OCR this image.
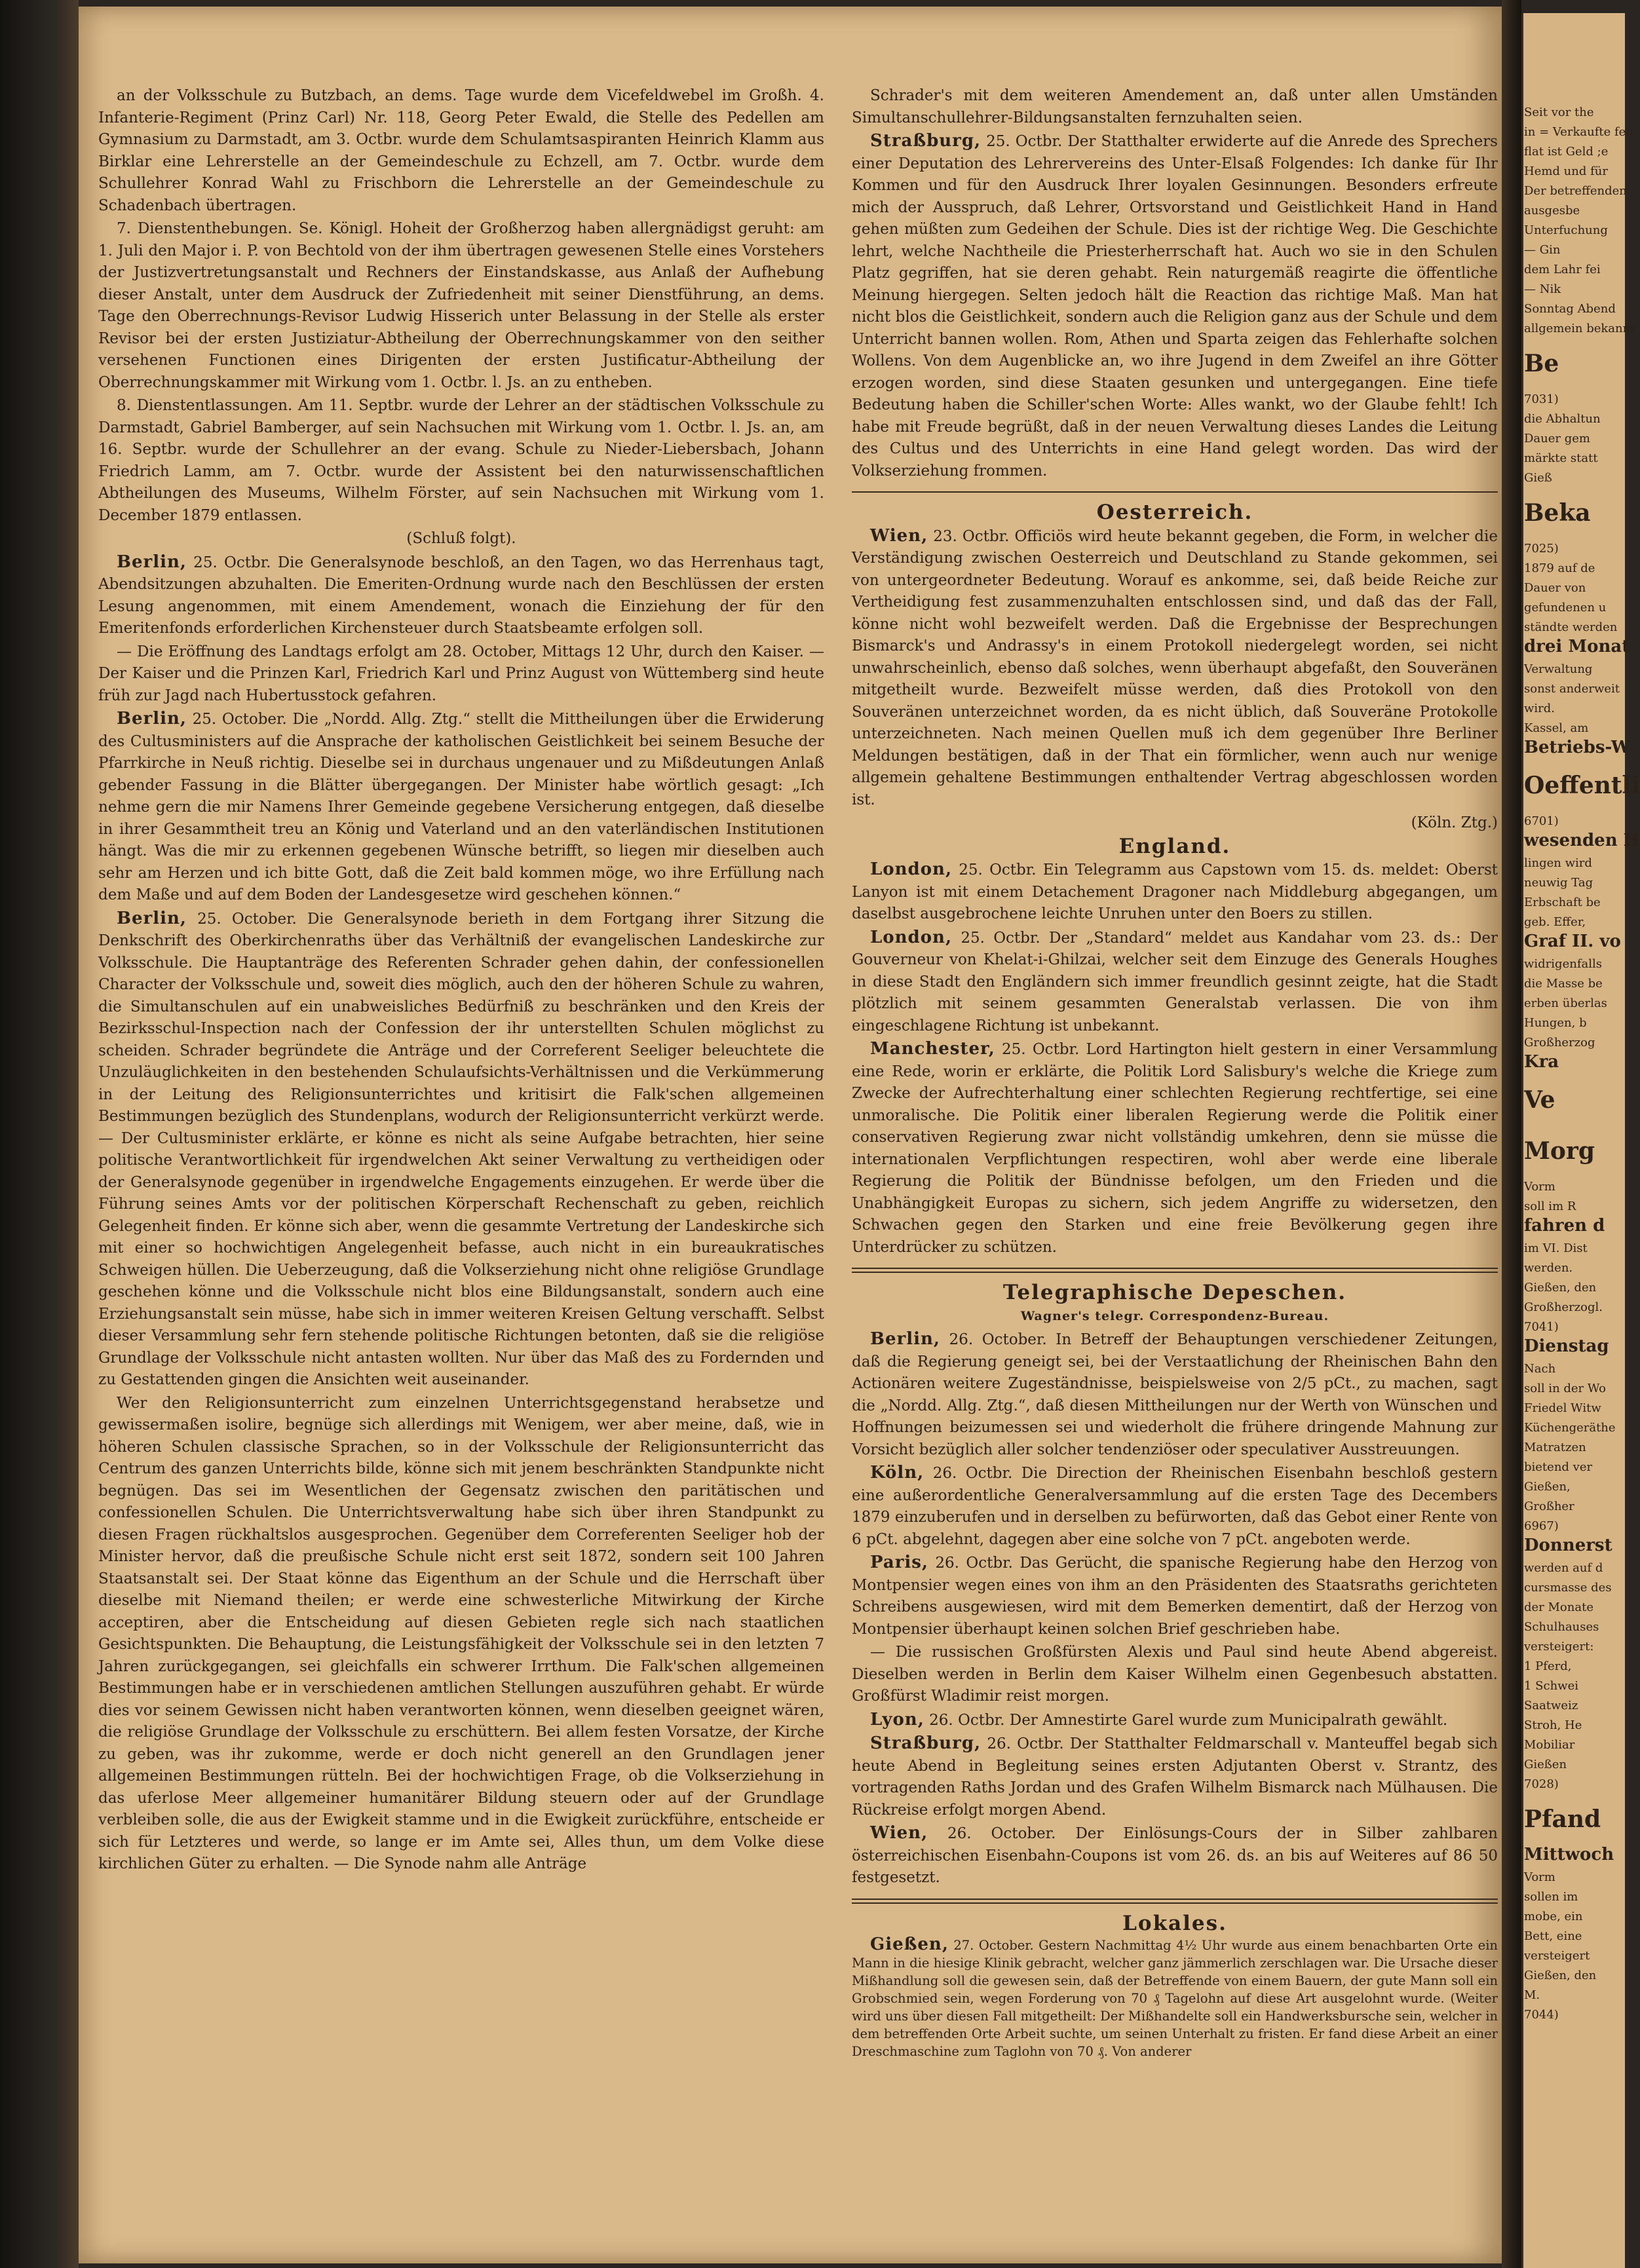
an der Volksschule zu Butzbach, an dems. Tage wurde dem Vicefeldwebel im Großh. 4. Infanterie-Regiment (Prinz Carl) Nr. 118, Georg Peter Ewald, die Stelle des Pedellen am Gymnasium zu Darmstadt, am 3. Octbr. wurde dem Schulamtsaspiranten Heinrich Klamm aus Birklar eine Lehrerstelle an der Gemeindeschule zu Echzell, am 7. Octbr. wurde dem Schullehrer Konrad Wahl zu Frischborn die Lehrerstelle an der Gemeindeschule zu Schadenbach übertragen.

7. Dienstenthebungen. Se. Königl. Hoheit der Großherzog haben allergnädigst geruht: am 1. Juli den Major i. P. von Bechtold von der ihm übertragen gewesenen Stelle eines Vorstehers der Justizvertretungsanstalt und Rechners der Einstandskasse, aus Anlaß der Aufhebung dieser Anstalt, unter dem Ausdruck der Zufriedenheit mit seiner Dienstführung, an dems. Tage den Oberrechnungs-Revisor Ludwig Hisserich unter Belassung in der Stelle als erster Revisor bei der ersten Justiziatur-Abtheilung der Oberrechnungskammer von den seither versehenen Functionen eines Dirigenten der ersten Justificatur-Abtheilung der Oberrechnungskammer mit Wirkung vom 1. Octbr. l. Js. an zu entheben.

8. Dienstentlassungen. Am 11. Septbr. wurde der Lehrer an der städtischen Volksschule zu Darmstadt, Gabriel Bamberger, auf sein Nachsuchen mit Wirkung vom 1. Octbr. l. Js. an, am 16. Septbr. wurde der Schullehrer an der evang. Schule zu Nieder-Liebersbach, Johann Friedrich Lamm, am 7. Octbr. wurde der Assistent bei den naturwissenschaftlichen Abtheilungen des Museums, Wilhelm Förster, auf sein Nachsuchen mit Wirkung vom 1. December 1879 entlassen.

(Schluß folgt).

Berlin, 25. Octbr. Die Generalsynode beschloß, an den Tagen, wo das Herrenhaus tagt, Abendsitzungen abzuhalten. Die Emeriten-Ordnung wurde nach den Beschlüssen der ersten Lesung angenommen, mit einem Amendement, wonach die Einziehung der für den Emeritenfonds erforderlichen Kirchensteuer durch Staatsbeamte erfolgen soll.

— Die Eröffnung des Landtags erfolgt am 28. October, Mittags 12 Uhr, durch den Kaiser. — Der Kaiser und die Prinzen Karl, Friedrich Karl und Prinz August von Wüttemberg sind heute früh zur Jagd nach Hubertusstock gefahren.

Berlin, 25. October. Die „Nordd. Allg. Ztg.“ stellt die Mittheilungen über die Erwiderung des Cultusministers auf die Ansprache der katholischen Geistlichkeit bei seinem Besuche der Pfarrkirche in Neuß richtig. Dieselbe sei in durchaus ungenauer und zu Mißdeutungen Anlaß gebender Fassung in die Blätter übergegangen. Der Minister habe wörtlich gesagt: „Ich nehme gern die mir Namens Ihrer Gemeinde gegebene Versicherung entgegen, daß dieselbe in ihrer Gesammtheit treu an König und Vaterland und an den vaterländischen Institutionen hängt. Was die mir zu erkennen gegebenen Wünsche betrifft, so liegen mir dieselben auch sehr am Herzen und ich bitte Gott, daß die Zeit bald kommen möge, wo ihre Erfüllung nach dem Maße und auf dem Boden der Landesgesetze wird geschehen können.“

Berlin, 25. October. Die Generalsynode berieth in dem Fortgang ihrer Sitzung die Denkschrift des Oberkirchenraths über das Verhältniß der evangelischen Landeskirche zur Volksschule. Die Hauptanträge des Referenten Schrader gehen dahin, der confessionellen Character der Volksschule und, soweit dies möglich, auch den der höheren Schule zu wahren, die Simultanschulen auf ein unabweisliches Bedürfniß zu beschränken und den Kreis der Bezirksschul-Inspection nach der Confession der ihr unterstellten Schulen möglichst zu scheiden. Schrader begründete die Anträge und der Correferent Seeliger beleuchtete die Unzuläuglichkeiten in den bestehenden Schulaufsichts-Verhältnissen und die Verkümmerung in der Leitung des Religionsunterrichtes und kritisirt die Falk'schen allgemeinen Bestimmungen bezüglich des Stundenplans, wodurch der Religionsunterricht verkürzt werde. — Der Cultusminister erklärte, er könne es nicht als seine Aufgabe betrachten, hier seine politische Verantwortlichkeit für irgendwelchen Akt seiner Verwaltung zu vertheidigen oder der Generalsynode gegenüber in irgendwelche Engagements einzugehen. Er werde über die Führung seines Amts vor der politischen Körperschaft Rechenschaft zu geben, reichlich Gelegenheit finden. Er könne sich aber, wenn die gesammte Vertretung der Landeskirche sich mit einer so hochwichtigen Angelegenheit befasse, auch nicht in ein bureaukratisches Schweigen hüllen. Die Ueberzeugung, daß die Volkserziehung nicht ohne religiöse Grundlage geschehen könne und die Volksschule nicht blos eine Bildungsanstalt, sondern auch eine Erziehungsanstalt sein müsse, habe sich in immer weiteren Kreisen Geltung verschafft. Selbst dieser Versammlung sehr fern stehende politische Richtungen betonten, daß sie die religiöse Grundlage der Volksschule nicht antasten wollten. Nur über das Maß des zu Fordernden und zu Gestattenden gingen die Ansichten weit auseinander.

Wer den Religionsunterricht zum einzelnen Unterrichtsgegenstand herabsetze und gewissermaßen isolire, begnüge sich allerdings mit Wenigem, wer aber meine, daß, wie in höheren Schulen classische Sprachen, so in der Volksschule der Religionsunterricht das Centrum des ganzen Unterrichts bilde, könne sich mit jenem beschränkten Standpunkte nicht begnügen. Das sei im Wesentlichen der Gegensatz zwischen den paritätischen und confessionellen Schulen. Die Unterrichtsverwaltung habe sich über ihren Standpunkt zu diesen Fragen rückhaltslos ausgesprochen. Gegenüber dem Correferenten Seeliger hob der Minister hervor, daß die preußische Schule nicht erst seit 1872, sondern seit 100 Jahren Staatsanstalt sei. Der Staat könne das Eigenthum an der Schule und die Herrschaft über dieselbe mit Niemand theilen; er werde eine schwesterliche Mitwirkung der Kirche acceptiren, aber die Entscheidung auf diesen Gebieten regle sich nach staatlichen Gesichtspunkten. Die Behauptung, die Leistungsfähigkeit der Volksschule sei in den letzten 7 Jahren zurückgegangen, sei gleichfalls ein schwerer Irrthum. Die Falk'schen allgemeinen Bestimmungen habe er in verschiedenen amtlichen Stellungen auszuführen gehabt. Er würde dies vor seinem Gewissen nicht haben verantworten können, wenn dieselben geeignet wären, die religiöse Grundlage der Volksschule zu erschüttern. Bei allem festen Vorsatze, der Kirche zu geben, was ihr zukomme, werde er doch nicht generell an den Grundlagen jener allgemeinen Bestimmungen rütteln. Bei der hochwichtigen Frage, ob die Volkserziehung in das uferlose Meer allgemeiner humanitärer Bildung steuern oder auf der Grundlage verbleiben solle, die aus der Ewigkeit stamme und in die Ewigkeit zurückführe, entscheide er sich für Letzteres und werde, so lange er im Amte sei, Alles thun, um dem Volke diese kirchlichen Güter zu erhalten. — Die Synode nahm alle Anträge

Schrader's mit dem weiteren Amendement an, daß unter allen Umständen Simultanschullehrer-Bildungsanstalten fernzuhalten seien.

Straßburg, 25. Octbr. Der Statthalter erwiderte auf die Anrede des Sprechers einer Deputation des Lehrervereins des Unter-Elsaß Folgendes: Ich danke für Ihr Kommen und für den Ausdruck Ihrer loyalen Gesinnungen. Besonders erfreute mich der Ausspruch, daß Lehrer, Ortsvorstand und Geistlichkeit Hand in Hand gehen müßten zum Gedeihen der Schule. Dies ist der richtige Weg. Die Geschichte lehrt, welche Nachtheile die Priesterherrschaft hat. Auch wo sie in den Schulen Platz gegriffen, hat sie deren gehabt. Rein naturgemäß reagirte die öffentliche Meinung hiergegen. Selten jedoch hält die Reaction das richtige Maß. Man hat nicht blos die Geistlichkeit, sondern auch die Religion ganz aus der Schule und dem Unterricht bannen wollen. Rom, Athen und Sparta zeigen das Fehlerhafte solchen Wollens. Von dem Augenblicke an, wo ihre Jugend in dem Zweifel an ihre Götter erzogen worden, sind diese Staaten gesunken und untergegangen. Eine tiefe Bedeutung haben die Schiller'schen Worte: Alles wankt, wo der Glaube fehlt! Ich habe mit Freude begrüßt, daß in der neuen Verwaltung dieses Landes die Leitung des Cultus und des Unterrichts in eine Hand gelegt worden. Das wird der Volkserziehung frommen.

Oesterreich.

Wien, 23. Octbr. Officiös wird heute bekannt gegeben, die Form, in welcher die Verständigung zwischen Oesterreich und Deutschland zu Stande gekommen, sei von untergeordneter Bedeutung. Worauf es ankomme, sei, daß beide Reiche zur Vertheidigung fest zusammenzuhalten entschlossen sind, und daß das der Fall, könne nicht wohl bezweifelt werden. Daß die Ergebnisse der Besprechungen Bismarck's und Andrassy's in einem Protokoll niedergelegt worden, sei nicht unwahrscheinlich, ebenso daß solches, wenn überhaupt abgefaßt, den Souveränen mitgetheilt wurde. Bezweifelt müsse werden, daß dies Protokoll von den Souveränen unterzeichnet worden, da es nicht üblich, daß Souveräne Protokolle unterzeichneten. Nach meinen Quellen muß ich dem gegenüber Ihre Berliner Meldungen bestätigen, daß in der That ein förmlicher, wenn auch nur wenige allgemein gehaltene Bestimmungen enthaltender Vertrag abgeschlossen worden ist.

(Köln. Ztg.)

England.

London, 25. Octbr. Ein Telegramm aus Capstown vom 15. ds. meldet: Oberst Lanyon ist mit einem Detachement Dragoner nach Middleburg abgegangen, um daselbst ausgebrochene leichte Unruhen unter den Boers zu stillen.

London, 25. Octbr. Der „Standard“ meldet aus Kandahar vom 23. ds.: Der Gouverneur von Khelat-i-Ghilzai, welcher seit dem Einzuge des Generals Houghes in diese Stadt den Engländern sich immer freundlich gesinnt zeigte, hat die Stadt plötzlich mit seinem gesammten Generalstab verlassen. Die von ihm eingeschlagene Richtung ist unbekannt.

Manchester, 25. Octbr. Lord Hartington hielt gestern in einer Versammlung eine Rede, worin er erklärte, die Politik Lord Salisbury's welche die Kriege zum Zwecke der Aufrechterhaltung einer schlechten Regierung rechtfertige, sei eine unmoralische. Die Politik einer liberalen Regierung werde die Politik einer conservativen Regierung zwar nicht vollständig umkehren, denn sie müsse die internationalen Verpflichtungen respectiren, wohl aber werde eine liberale Regierung die Politik der Bündnisse befolgen, um den Frieden und die Unabhängigkeit Europas zu sichern, sich jedem Angriffe zu widersetzen, den Schwachen gegen den Starken und eine freie Bevölkerung gegen ihre Unterdrücker zu schützen.

Telegraphische Depeschen.

Wagner's telegr. Correspondenz-Bureau.

Berlin, 26. October. In Betreff der Behauptungen verschiedener Zeitungen, daß die Regierung geneigt sei, bei der Verstaatlichung der Rheinischen Bahn den Actionären weitere Zugeständnisse, beispielsweise von 2/5 pCt., zu machen, sagt die „Nordd. Allg. Ztg.“, daß diesen Mittheilungen nur der Werth von Wünschen und Hoffnungen beizumessen sei und wiederholt die frühere dringende Mahnung zur Vorsicht bezüglich aller solcher tendenziöser oder speculativer Ausstreuungen.

Köln, 26. Octbr. Die Direction der Rheinischen Eisenbahn beschloß gestern eine außerordentliche Generalversammlung auf die ersten Tage des Decembers 1879 einzuberufen und in derselben zu befürworten, daß das Gebot einer Rente von 6 pCt. abgelehnt, dagegen aber eine solche von 7 pCt. angeboten werde.

Paris, 26. Octbr. Das Gerücht, die spanische Regierung habe den Herzog von Montpensier wegen eines von ihm an den Präsidenten des Staatsraths gerichteten Schreibens ausgewiesen, wird mit dem Bemerken dementirt, daß der Herzog von Montpensier überhaupt keinen solchen Brief geschrieben habe.

— Die russischen Großfürsten Alexis und Paul sind heute Abend abgereist. Dieselben werden in Berlin dem Kaiser Wilhelm einen Gegenbesuch abstatten. Großfürst Wladimir reist morgen.

Lyon, 26. Octbr. Der Amnestirte Garel wurde zum Municipalrath gewählt.

Straßburg, 26. Octbr. Der Statthalter Feldmarschall v. Manteuffel begab sich heute Abend in Begleitung seines ersten Adjutanten Oberst v. Strantz, des vortragenden Raths Jordan und des Grafen Wilhelm Bismarck nach Mülhausen. Die Rückreise erfolgt morgen Abend.

Wien, 26. October. Der Einlösungs-Cours der in Silber zahlbaren österreichischen Eisenbahn-Coupons ist vom 26. ds. an bis auf Weiteres auf 86 50 festgesetzt.

Lokales.

Gießen, 27. October. Gestern Nachmittag 4½ Uhr wurde aus einem benachbarten Orte ein Mann in die hiesige Klinik gebracht, welcher ganz jämmerlich zerschlagen war. Die Ursache dieser Mißhandlung soll die gewesen sein, daß der Betreffende von einem Bauern, der gute Mann soll ein Grobschmied sein, wegen Forderung von 70 ₰ Tagelohn auf diese Art ausgelohnt wurde. (Weiter wird uns über diesen Fall mitgetheilt: Der Mißhandelte soll ein Handwerksbursche sein, welcher in dem betreffenden Orte Arbeit suchte, um seinen Unterhalt zu fristen. Er fand diese Arbeit an einer Dreschmaschine zum Taglohn von 70 ₰. Von anderer

Seit vor the
in = Verkaufte fen
flat ist Geld ;e
Hemd und für
Der betreffenden
ausgesbe
Unterfuchung
— Gin
dem Lahr fei
— Nik
Sonntag Abend
allgemein bekannt
Be
7031)
die Abhaltun
Dauer gem
märkte statt
Gieß
Beka
7025)
1879 auf de
Dauer von
gefundenen u
ständte werden
drei Monat
Verwaltung
sonst anderweit
wird.
Kassel, am
Betriebs-W
Oeffentli
6701)
wesenden H
lingen wird
neuwig Tag
Erbschaft be
geb. Effer,
Graf II. vo
widrigenfalls
die Masse be
erben überlas
Hungen, b
Großherzog
Kra
Ve
Morg
Vorm
soll im R
fahren d
im VI. Dist
werden.
Gießen, den
Großherzogl.
7041)
Dienstag
Nach
soll in der Wo
Friedel Witw
Küchengeräthe
Matratzen
bietend ver
Gießen,
Großher
6967)
Donnerst
werden auf d
cursmasse des
der Monate
Schulhauses
versteigert:
1 Pferd,
1 Schwei
Saatweiz
Stroh, He
Mobiliar
Gießen
7028)
Pfand
Mittwoch
Vorm
sollen im
mobe, ein
Bett, eine
versteigert
Gießen, den
M.
7044)
